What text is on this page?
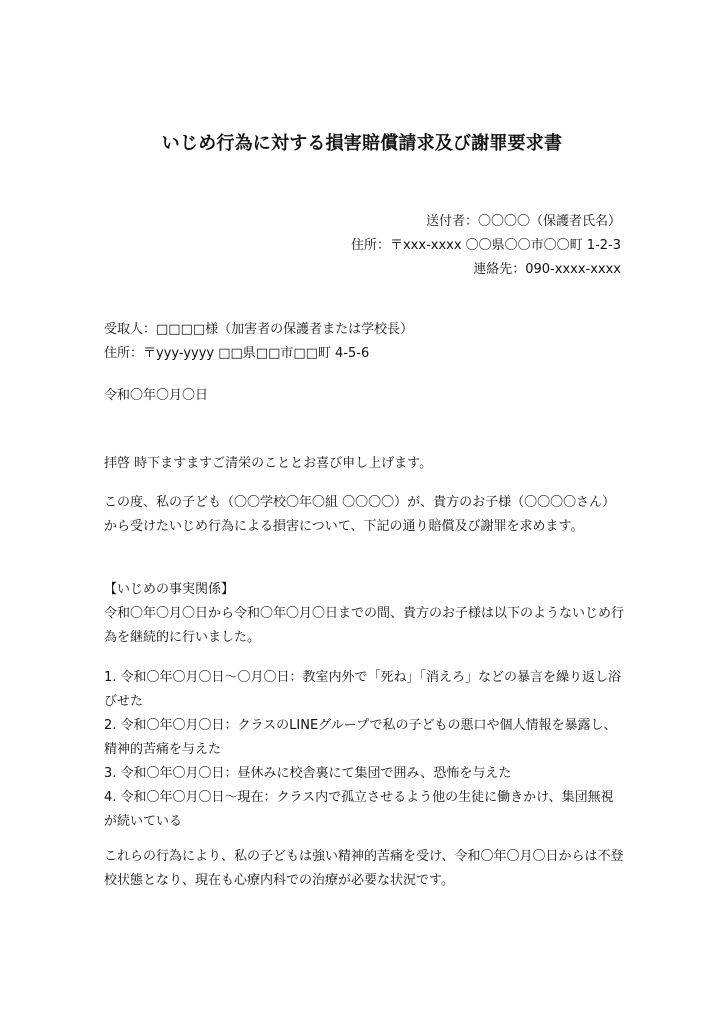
いじめ行為に対する損害賠償請求及び謝罪要求書
送付者：〇〇〇〇（保護者氏名）
住所：〒xxx-xxxx 〇〇県〇〇市〇〇町 1-2-3
連絡先：090-xxxx-xxxx
受取人：□□□□様（加害者の保護者または学校長）
住所：〒yyy-yyyy □□県□□市□□町 4-5-6
令和〇年〇月〇日
拝啓 時下ますますご清栄のこととお喜び申し上げます。

この度、私の子ども（〇〇学校〇年〇組 〇〇〇〇）が、貴方のお子様（〇〇〇〇さん）から受けたいじめ行為による損害について、下記の通り賠償及び謝罪を求めます。

【いじめの事実関係】
令和〇年〇月〇日から令和〇年〇月〇日までの間、貴方のお子様は以下のようないじめ行為を継続的に行いました。
1. 令和〇年〇月〇日～〇月〇日：教室内外で「死ね」「消えろ」などの暴言を繰り返し浴びせた
2. 令和〇年〇月〇日：クラスのLINEグループで私の子どもの悪口や個人情報を暴露し、精神的苦痛を与えた
3. 令和〇年〇月〇日：昼休みに校舎裏にて集団で囲み、恐怖を与えた
4. 令和〇年〇月〇日～現在：クラス内で孤立させるよう他の生徒に働きかけ、集団無視が続いている

これらの行為により、私の子どもは強い精神的苦痛を受け、令和〇年〇月〇日からは不登校状態となり、現在も心療内科での治療が必要な状況です。
